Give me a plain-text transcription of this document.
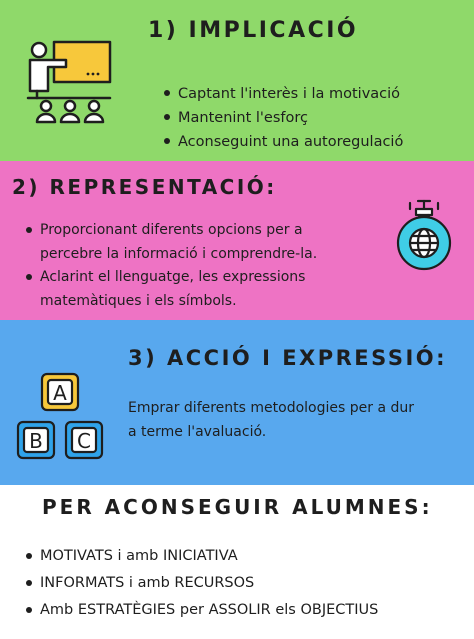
1) IMPLICACIÓ
Captant l'interès i la motivació
Mantenint l'esforç
Aconseguint una autoregulació
2) REPRESENTACIÓ:
Proporcionant diferents opcions per a
percebre la informació i comprendre-la.
Aclarint el llenguatge, les expressions
matemàtiques i els símbols.
A
B C
3) ACCIÓ I EXPRESSIÓ:
Emprar diferents metodologies per a dur
a terme l'avaluació.
PER ACONSEGUIR ALUMNES:
MOTIVATS i amb INICIATIVA
INFORMATS i amb RECURSOS
Amb ESTRATÈGIES per ASSOLIR els OBJECTIUS
